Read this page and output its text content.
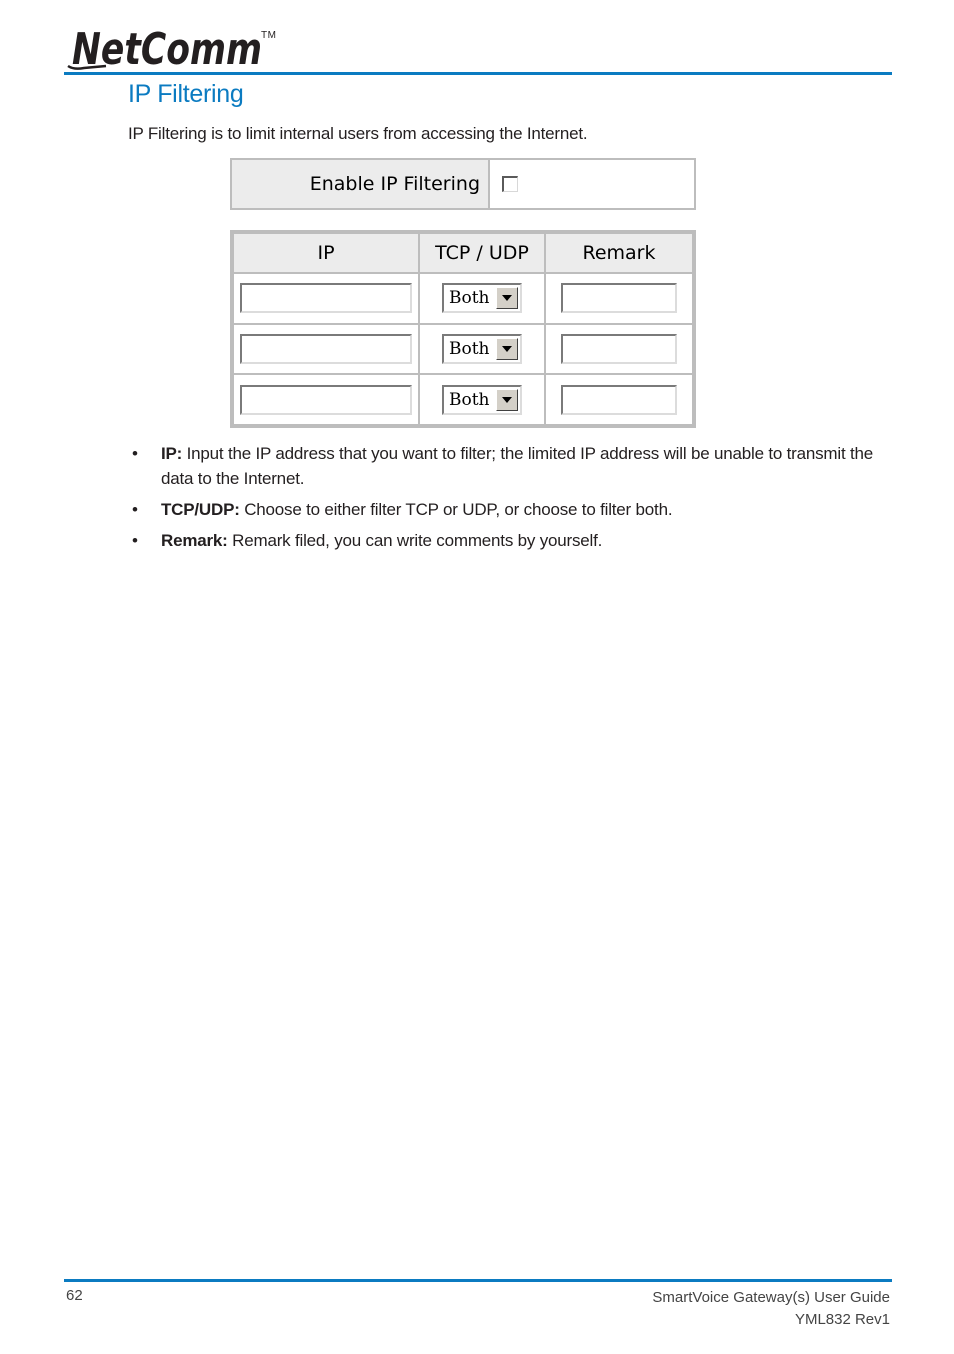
NetComm TM
IP Filtering

IP Filtering is to limit internal users from accessing the Internet.

Enable IP Filtering
IP	TCP / UDP	Remark

	Both	

	Both	

	Both	

• IP: Input the IP address that you want to filter; the limited IP address will be unable to transmit the data to the Internet.
• TCP/UDP: Choose to either filter TCP or UDP, or choose to filter both.
• Remark: Remark filed, you can write comments by yourself.
62	SmartVoice Gateway(s) User Guide
YML832 Rev1
